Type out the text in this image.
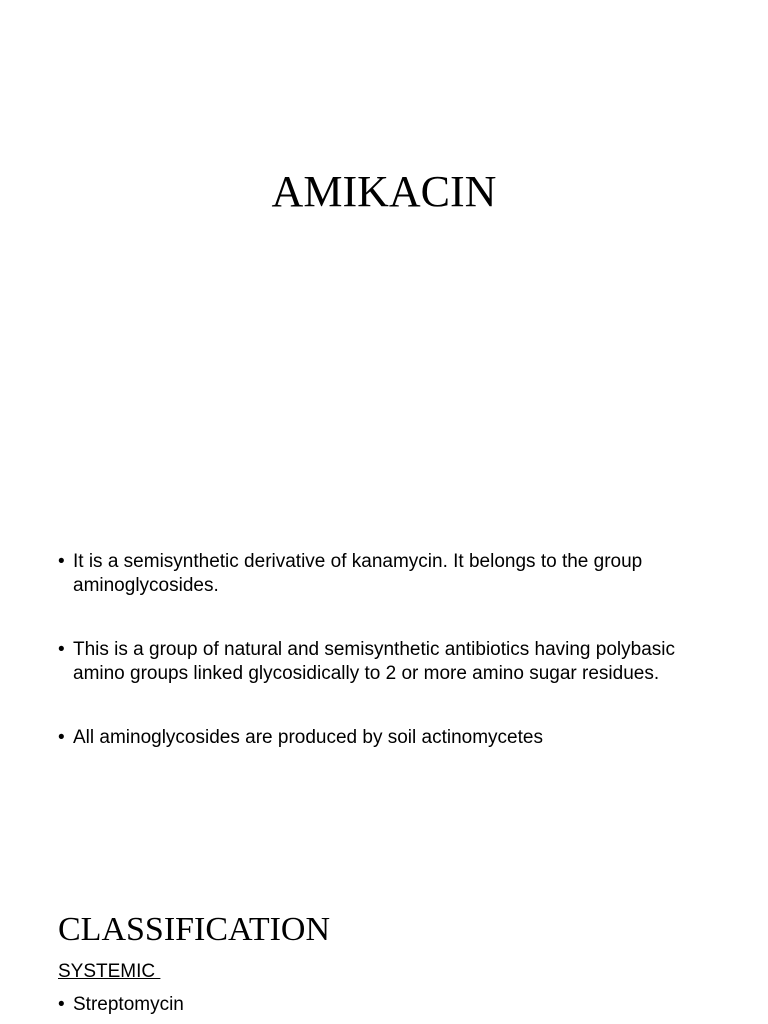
AMIKACIN
• It is a semisynthetic derivative of kanamycin. It belongs to the group aminoglycosides.
• This is a group of natural and semisynthetic antibiotics having polybasic amino groups linked glycosidically to 2 or more amino sugar residues.
• All aminoglycosides are produced by soil actinomycetes
CLASSIFICATION
SYSTEMIC
• Streptomycin
